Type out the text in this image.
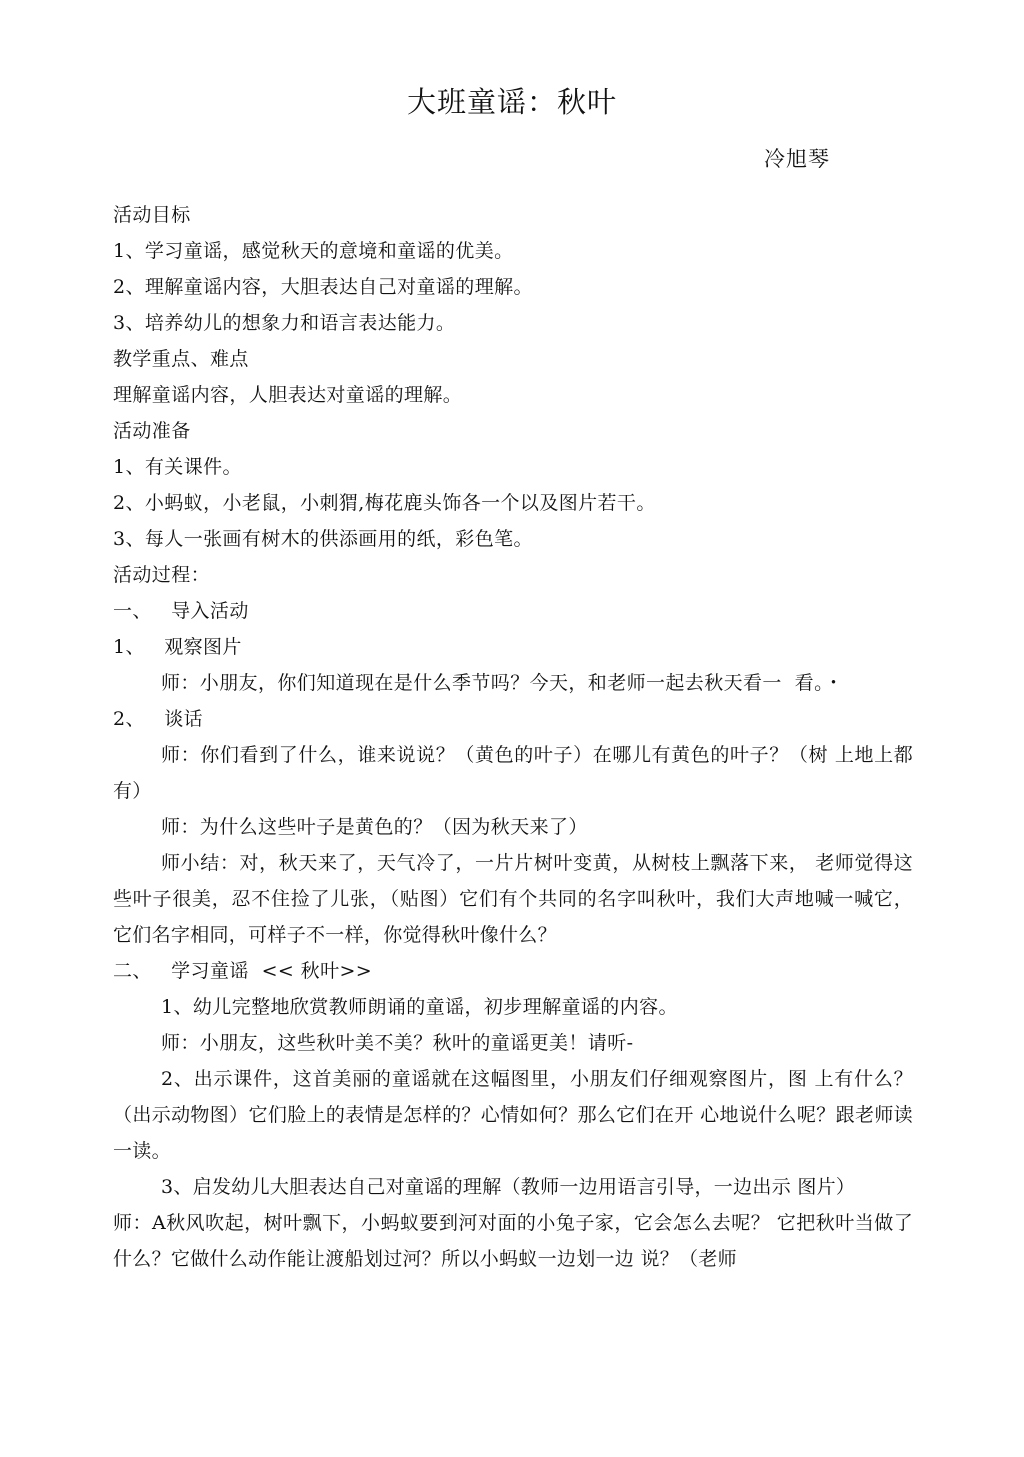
大班童谣：秋叶
冷旭琴
活动目标
1、学习童谣，感觉秋天的意境和童谣的优美。
2、理解童谣内容，大胆表达自己对童谣的理解。
3、培养幼儿的想象力和语言表达能力。
教学重点、难点
理解童谣内容，人胆表达对童谣的理解。
活动准备
1、有关课件。
2、小蚂蚁，小老鼠，小刺猬,梅花鹿头饰各一个以及图片若干。
3、每人一张画有树木的供添画用的纸，彩色笔。
活动过程：
一、   导入活动
1、   观察图片
师：小朋友，你们知道现在是什么季节吗？今天，和老师一起去秋天看一  看。・
2、   谈话
师：你们看到了什么，谁来说说？（黄色的叶子）在哪儿有黄色的叶子？（树 上地上都有）
师：为什么这些叶子是黄色的？（因为秋天来了）
师小结：对，秋天来了，天气冷了，一片片树叶变黄，从树枝上飘落下来， 老师觉得这些叶子很美，忍不住捡了儿张，（贴图）它们有个共同的名字叫秋叶，我们大声地喊一喊它，它们名字相同，可样子不一样，你觉得秋叶像什么？
二、   学习童谣  << 秋叶>>
1、幼儿完整地欣赏教师朗诵的童谣，初步理解童谣的内容。
师：小朋友，这些秋叶美不美？秋叶的童谣更美！请听-
2、出示课件，这首美丽的童谣就在这幅图里，小朋友们仔细观察图片，图 上有什么？（出示动物图）它们脸上的表情是怎样的？心情如何？那么它们在开 心地说什么呢？跟老师读一读。
3、启发幼儿大胆表达自己对童谣的理解（教师一边用语言引导，一边出示 图片）
师：A秋风吹起，树叶飘下，小蚂蚁要到河对面的小兔子家，它会怎么去呢？ 它把秋叶当做了什么？它做什么动作能让渡船划过河？所以小蚂蚁一边划一边 说？（老师
